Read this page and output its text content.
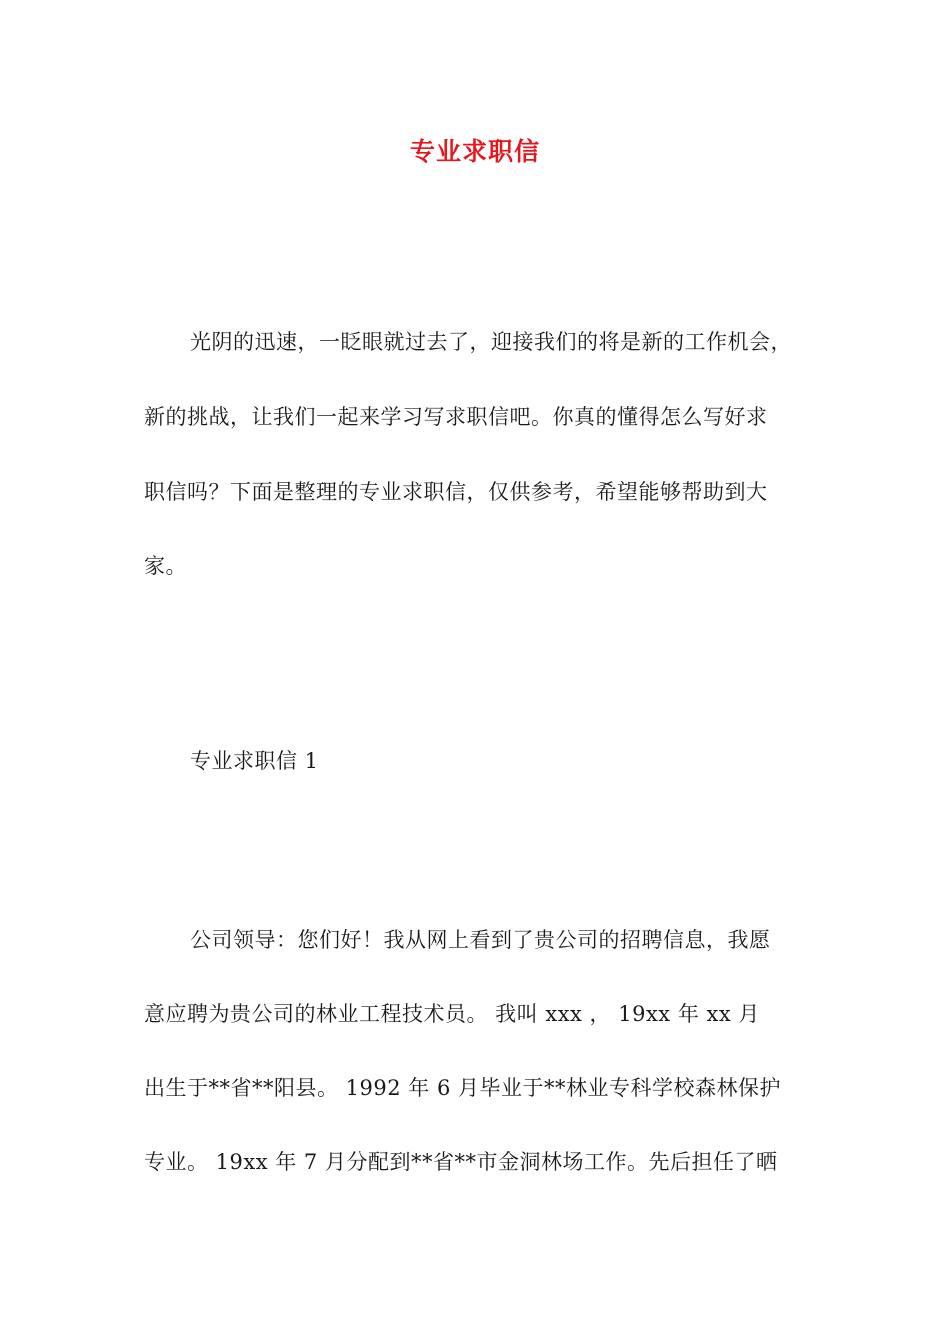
专业求职信
光阴的迅速，一眨眼就过去了，迎接我们的将是新的工作机会，
新的挑战，让我们一起来学习写求职信吧。你真的懂得怎么写好求
职信吗？下面是整理的专业求职信，仅供参考，希望能够帮助到大
家。
专业求职信 1
公司领导：您们好！我从网上看到了贵公司的招聘信息，我愿
意应聘为贵公司的林业工程技术员。 我叫 xxx ， 19xx 年 xx 月
出生于**省**阳县。 1992 年 6 月毕业于**林业专科学校森林保护
专业。 19xx 年 7 月分配到**省**市金洞林场工作。先后担任了晒
